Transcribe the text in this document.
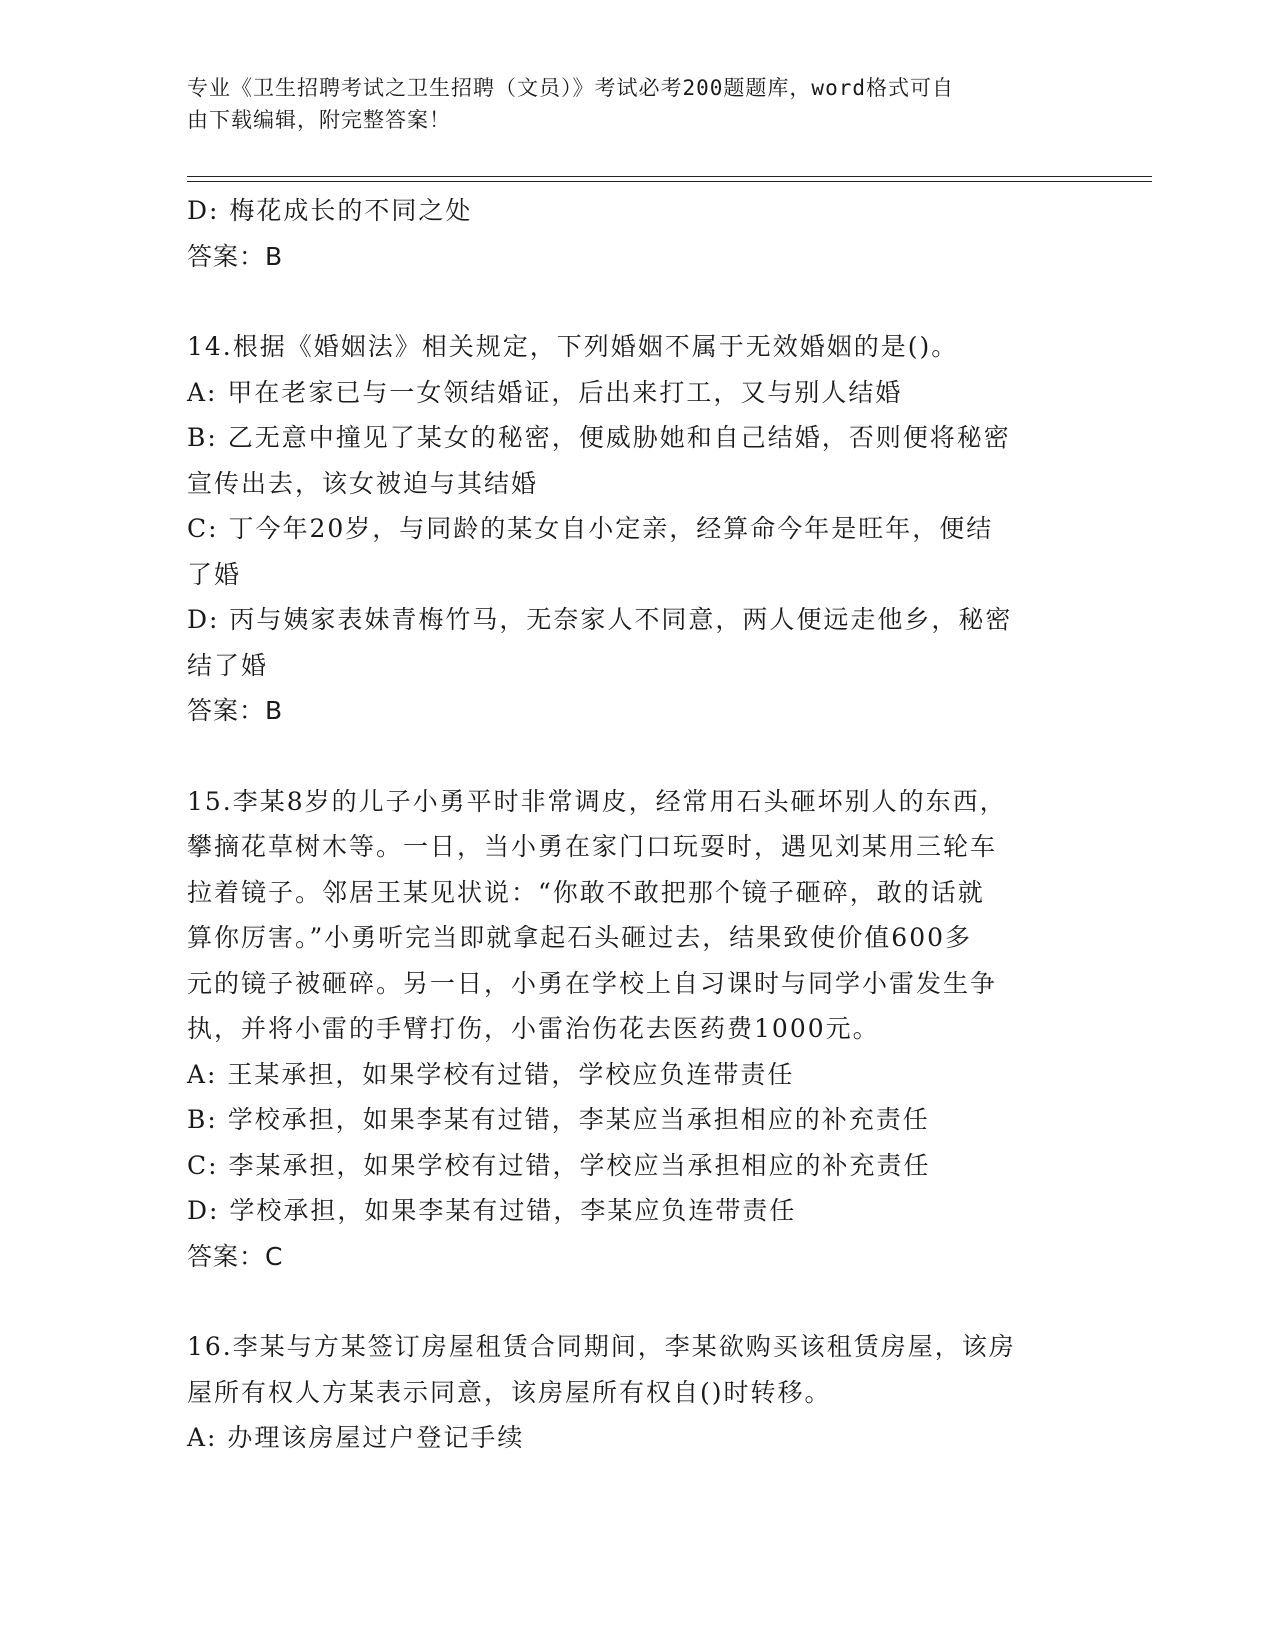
专业《卫生招聘考试之卫生招聘（文员）》考试必考200题题库，word格式可自
由下载编辑，附完整答案！
D: 梅花成长的不同之处
答案：B
14.根据《婚姻法》相关规定，下列婚姻不属于无效婚姻的是()。
A: 甲在老家已与一女领结婚证，后出来打工，又与别人结婚
B: 乙无意中撞见了某女的秘密，便威胁她和自己结婚，否则便将秘密
宣传出去，该女被迫与其结婚
C: 丁今年20岁，与同龄的某女自小定亲，经算命今年是旺年，便结
了婚
D: 丙与姨家表妹青梅竹马，无奈家人不同意，两人便远走他乡，秘密
结了婚
答案：B
15.李某8岁的儿子小勇平时非常调皮，经常用石头砸坏别人的东西，
攀摘花草树木等。一日，当小勇在家门口玩耍时，遇见刘某用三轮车
拉着镜子。邻居王某见状说：“你敢不敢把那个镜子砸碎，敢的话就
算你厉害。”小勇听完当即就拿起石头砸过去，结果致使价值600多
元的镜子被砸碎。另一日，小勇在学校上自习课时与同学小雷发生争
执，并将小雷的手臂打伤，小雷治伤花去医药费1000元。
A: 王某承担，如果学校有过错，学校应负连带责任
B: 学校承担，如果李某有过错，李某应当承担相应的补充责任
C: 李某承担，如果学校有过错，学校应当承担相应的补充责任
D: 学校承担，如果李某有过错，李某应负连带责任
答案：C
16.李某与方某签订房屋租赁合同期间，李某欲购买该租赁房屋，该房
屋所有权人方某表示同意，该房屋所有权自()时转移。
A: 办理该房屋过户登记手续
